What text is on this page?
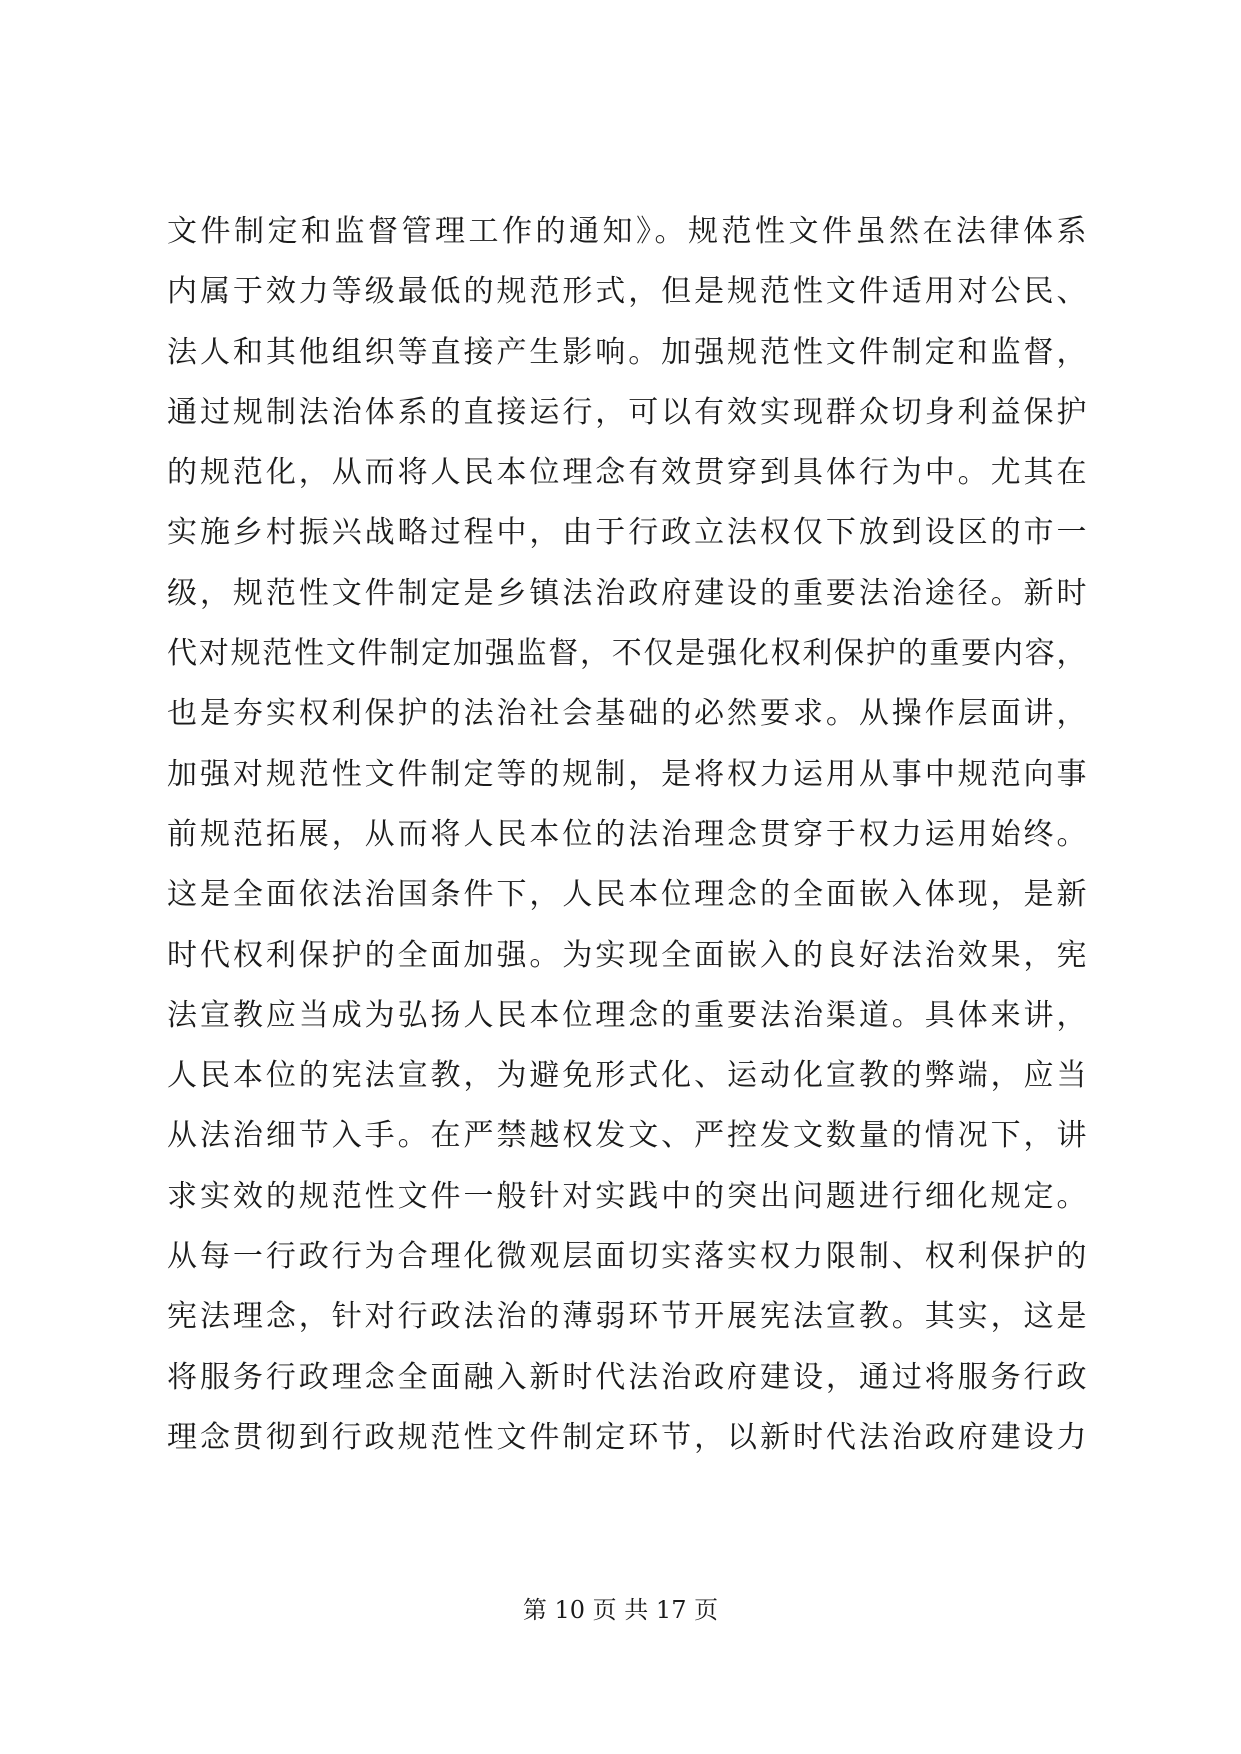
文件制定和监督管理工作的通知》。规范性文件虽然在法律体系
内属于效力等级最低的规范形式，但是规范性文件适用对公民、
法人和其他组织等直接产生影响。加强规范性文件制定和监督，
通过规制法治体系的直接运行，可以有效实现群众切身利益保护
的规范化，从而将人民本位理念有效贯穿到具体行为中。尤其在
实施乡村振兴战略过程中，由于行政立法权仅下放到设区的市一
级，规范性文件制定是乡镇法治政府建设的重要法治途径。新时
代对规范性文件制定加强监督，不仅是强化权利保护的重要内容，
也是夯实权利保护的法治社会基础的必然要求。从操作层面讲，
加强对规范性文件制定等的规制，是将权力运用从事中规范向事
前规范拓展，从而将人民本位的法治理念贯穿于权力运用始终。
这是全面依法治国条件下，人民本位理念的全面嵌入体现，是新
时代权利保护的全面加强。为实现全面嵌入的良好法治效果，宪
法宣教应当成为弘扬人民本位理念的重要法治渠道。具体来讲，
人民本位的宪法宣教，为避免形式化、运动化宣教的弊端，应当
从法治细节入手。在严禁越权发文、严控发文数量的情况下，讲
求实效的规范性文件一般针对实践中的突出问题进行细化规定。
从每一行政行为合理化微观层面切实落实权力限制、权利保护的
宪法理念，针对行政法治的薄弱环节开展宪法宣教。其实，这是
将服务行政理念全面融入新时代法治政府建设，通过将服务行政
理念贯彻到行政规范性文件制定环节，以新时代法治政府建设力
第 10 页 共 17 页
